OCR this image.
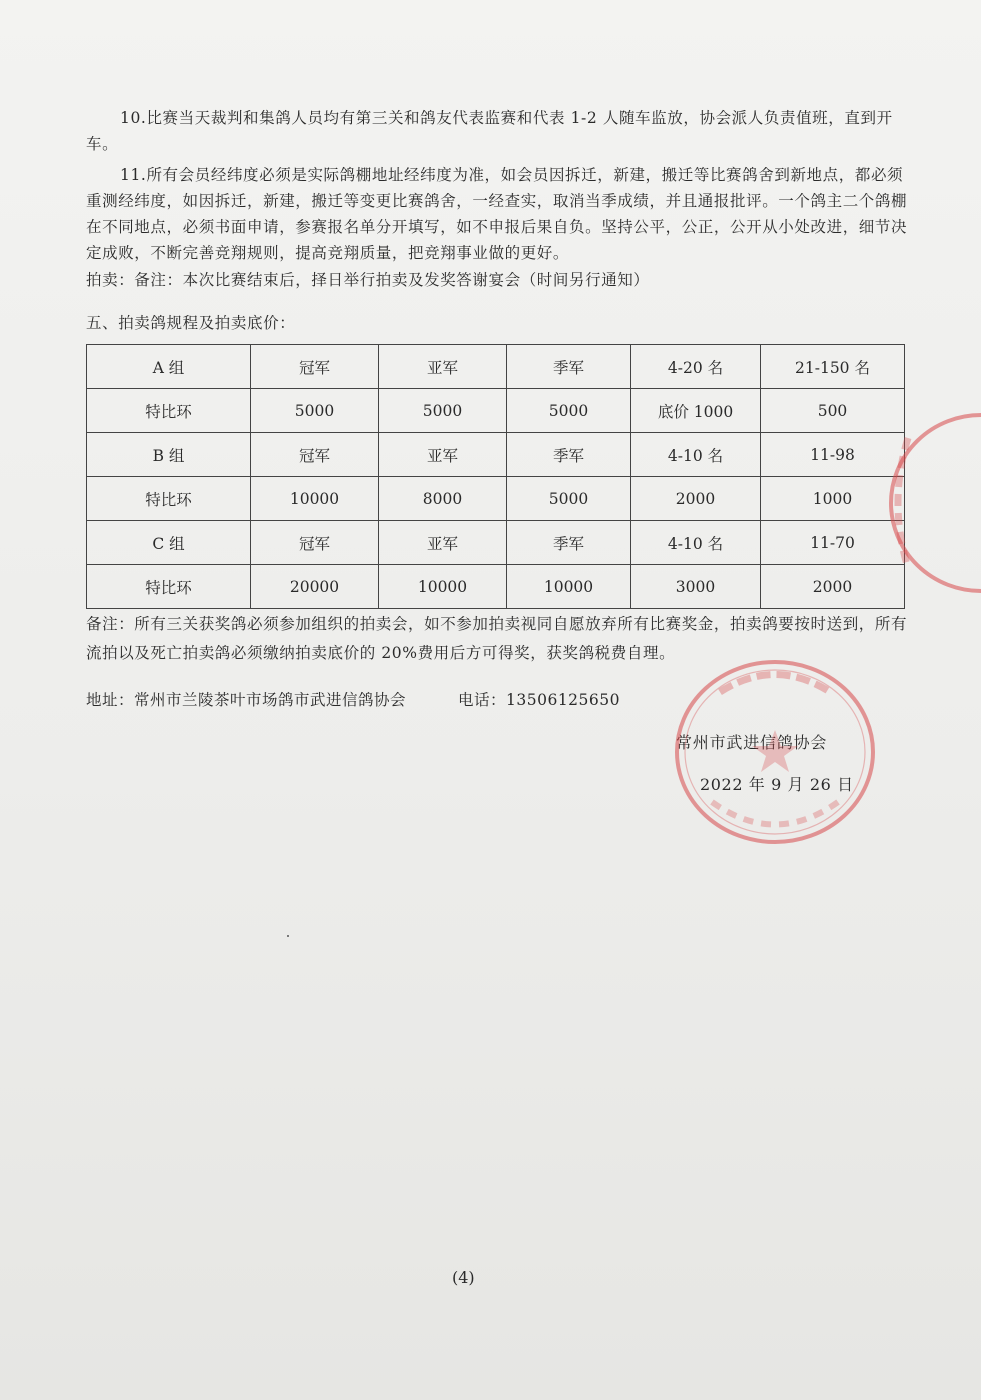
10.比赛当天裁判和集鸽人员均有第三关和鸽友代表监赛和代表 1-2 人随车监放，协会派人负责值班，直到开车。

11.所有会员经纬度必须是实际鸽棚地址经纬度为准，如会员因拆迁，新建，搬迁等比赛鸽舍到新地点，都必须重测经纬度，如因拆迁，新建，搬迁等变更比赛鸽舍，一经查实，取消当季成绩，并且通报批评。一个鸽主二个鸽棚在不同地点，必须书面申请，参赛报名单分开填写，如不申报后果自负。坚持公平，公正，公开从小处改进，细节决定成败，不断完善竞翔规则，提高竞翔质量，把竞翔事业做的更好。

拍卖：备注：本次比赛结束后，择日举行拍卖及发奖答谢宴会（时间另行通知）

五、拍卖鸽规程及拍卖底价：

A 组	冠军	亚军	季军	4-20 名	21-150 名
特比环	5000	5000	5000	底价 1000	500
B 组	冠军	亚军	季军	4-10 名	11-98
特比环	10000	8000	5000	2000	1000
C 组	冠军	亚军	季军	4-10 名	11-70
特比环	20000	10000	10000	3000	2000

备注：所有三关获奖鸽必须参加组织的拍卖会，如不参加拍卖视同自愿放弃所有比赛奖金，拍卖鸽要按时送到，所有流拍以及死亡拍卖鸽必须缴纳拍卖底价的 20%费用后方可得奖，获奖鸽税费自理。

地址：常州市兰陵茶叶市场鸽市武进信鸽协会	电话：13506125650
常州市武进信鸽协会
2022 年 9 月 26 日
(4)
